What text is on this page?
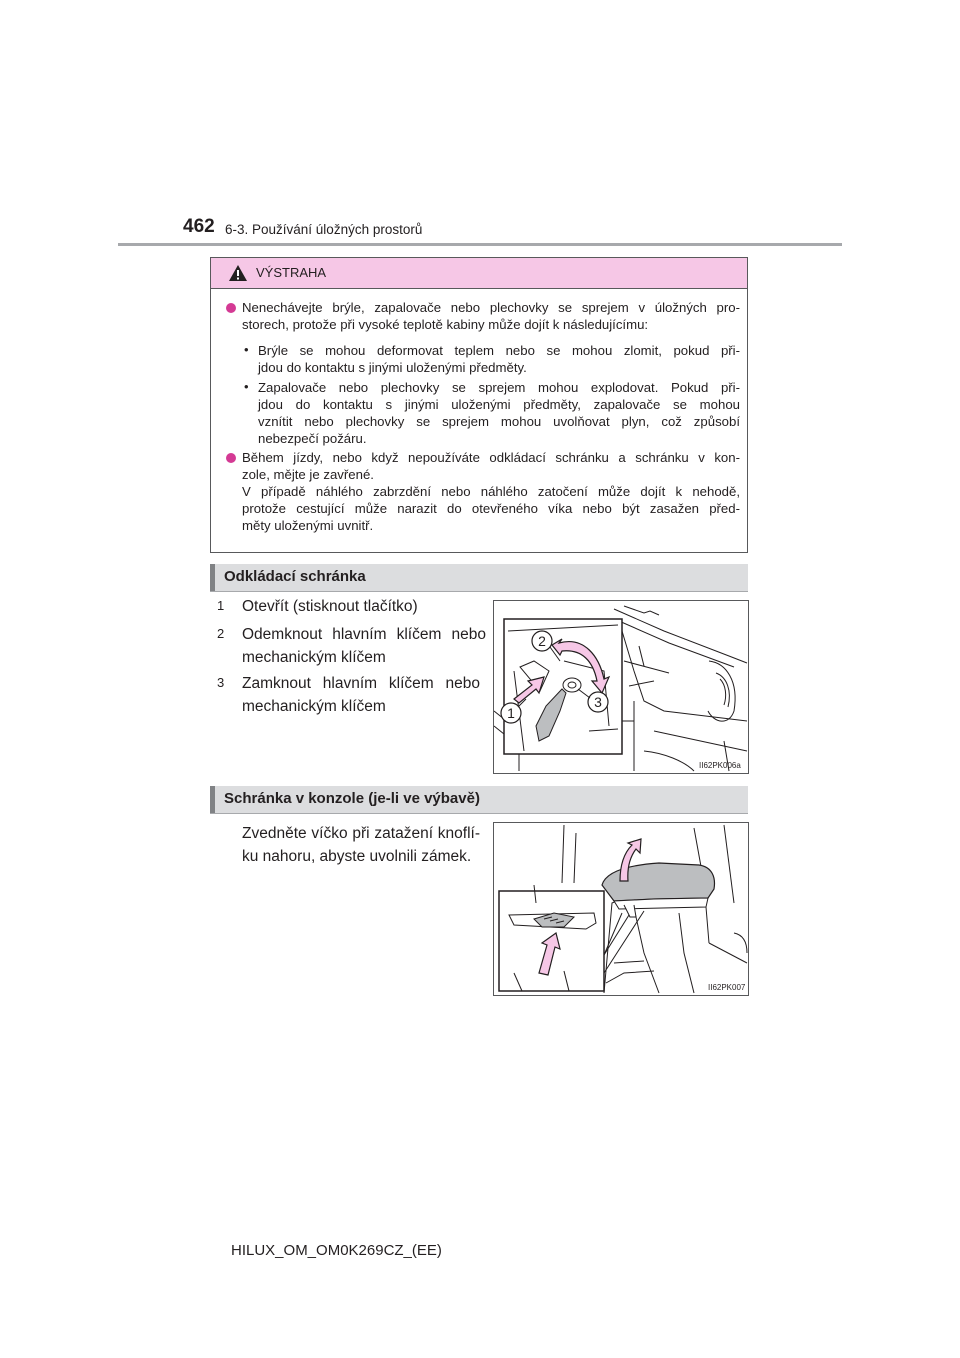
462 6-3. Používání úložných prostorů
VÝSTRAHA
Nenechávejte brýle, zapalovače nebo plechovky se sprejem v úložných pro-
storech, protože při vysoké teplotě kabiny může dojít k následujícímu:
• Brýle se mohou deformovat teplem nebo se mohou zlomit, pokud při-
jdou do kontaktu s jinými uloženými předměty.
• Zapalovače nebo plechovky se sprejem mohou explodovat. Pokud při-
jdou do kontaktu s jinými uloženými předměty, zapalovače se mohou
vznítit nebo plechovky se sprejem mohou uvolňovat plyn, což způsobí
nebezpečí požáru.
Během jízdy, nebo když nepoužíváte odkládací schránku a schránku v kon-
zole, mějte je zavřené.
V případě náhlého zabrzdění nebo náhlého zatočení může dojít k nehodě,
protože cestující může narazit do otevřeného víka nebo být zasažen před-
měty uloženými uvnitř.
Odkládací schránka
1 Otevřít (stisknout tlačítko)
2 Odemknout hlavním klíčem nebo
mechanickým klíčem
3 Zamknout hlavním klíčem nebo
mechanickým klíčem
2
3
1
II62PK006a
Schránka v konzole (je-li ve výbavě)
Zvedněte víčko při zatažení knoflí-
ku nahoru, abyste uvolnili zámek.
II62PK007
HILUX_OM_OM0K269CZ_(EE)
